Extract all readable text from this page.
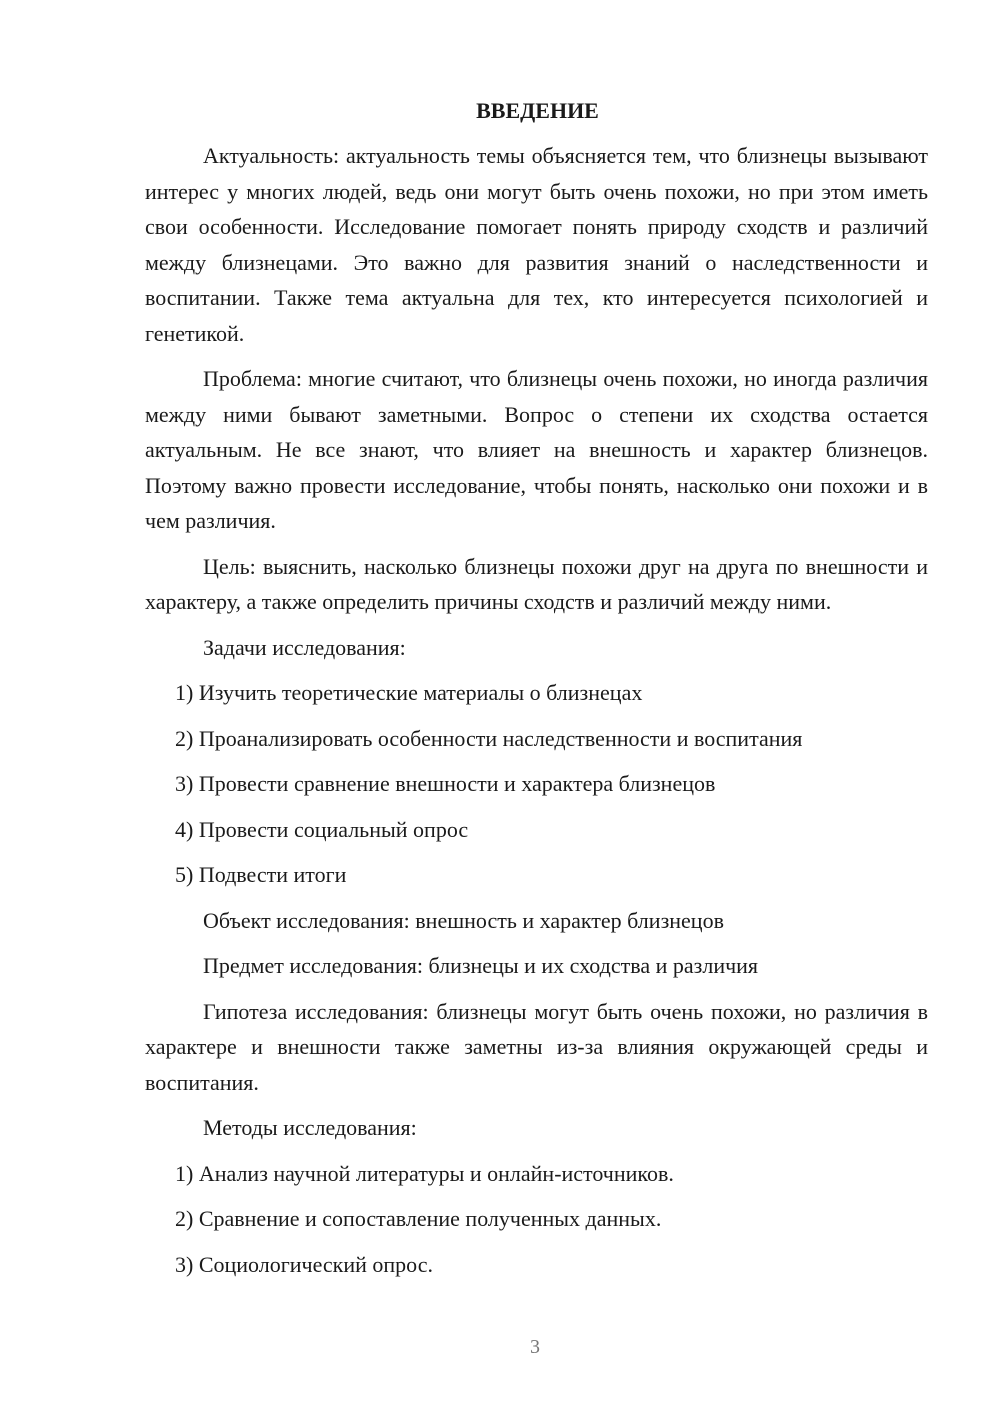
ВВЕДЕНИЕ

Актуальность: актуальность темы объясняется тем, что близнецы вызывают интерес у многих людей, ведь они могут быть очень похожи, но при этом иметь свои особенности. Исследование помогает понять природу сходств и различий между близнецами. Это важно для развития знаний о наследственности и воспитании. Также тема актуальна для тех, кто интересуется психологией и генетикой.

Проблема: многие считают, что близнецы очень похожи, но иногда различия между ними бывают заметными. Вопрос о степени их сходства остается актуальным. Не все знают, что влияет на внешность и характер близнецов. Поэтому важно провести исследование, чтобы понять, насколько они похожи и в чем различия.

Цель: выяснить, насколько близнецы похожи друг на друга по внешности и характеру, а также определить причины сходств и различий между ними.

Задачи исследования:

1) Изучить теоретические материалы о близнецах

2) Проанализировать особенности наследственности и воспитания

3) Провести сравнение внешности и характера близнецов

4) Провести социальный опрос

5) Подвести итоги

Объект исследования: внешность и характер близнецов

Предмет исследования: близнецы и их сходства и различия

Гипотеза исследования: близнецы могут быть очень похожи, но различия в характере и внешности также заметны из-за влияния окружающей среды и воспитания.

Методы исследования:

1) Анализ научной литературы и онлайн-источников.

2) Сравнение и сопоставление полученных данных.

3) Социологический опрос.

3
